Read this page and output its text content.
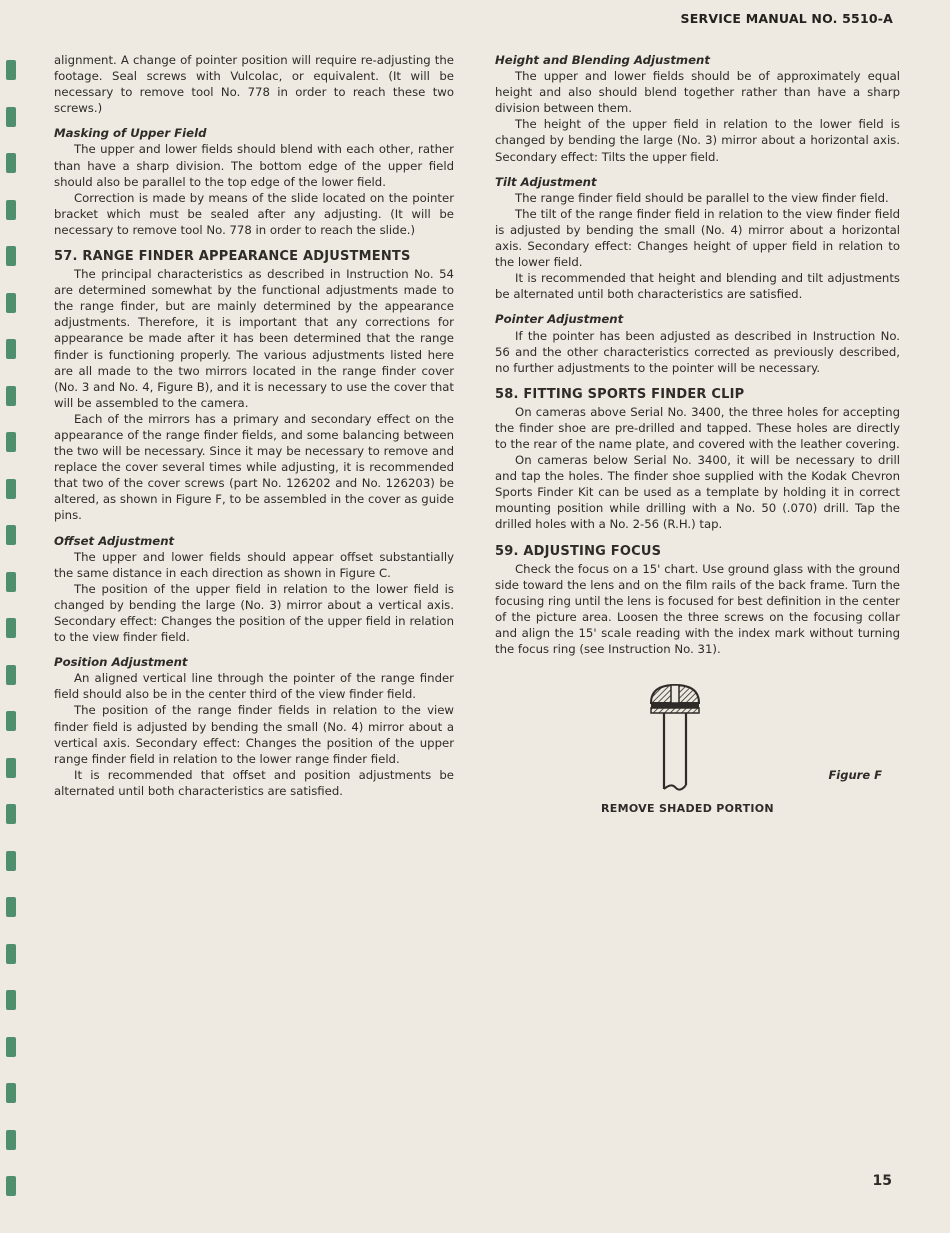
SERVICE MANUAL NO. 5510-A

alignment. A change of pointer position will require re-adjusting the footage. Seal screws with Vulcolac, or equivalent. (It will be necessary to remove tool No. 778 in order to reach these two screws.)

Masking of Upper Field

The upper and lower fields should blend with each other, rather than have a sharp division. The bottom edge of the upper field should also be parallel to the top edge of the lower field.

Correction is made by means of the slide located on the pointer bracket which must be sealed after any adjusting. (It will be necessary to remove tool No. 778 in order to reach the slide.)

57. RANGE FINDER APPEARANCE ADJUSTMENTS

The principal characteristics as described in Instruction No. 54 are determined somewhat by the functional adjustments made to the range finder, but are mainly determined by the appearance adjustments. Therefore, it is important that any corrections for appearance be made after it has been determined that the range finder is functioning properly. The various adjustments listed here are all made to the two mirrors located in the range finder cover (No. 3 and No. 4, Figure B), and it is necessary to use the cover that will be assembled to the camera.

Each of the mirrors has a primary and secondary effect on the appearance of the range finder fields, and some balancing between the two will be necessary. Since it may be necessary to remove and replace the cover several times while adjusting, it is recommended that two of the cover screws (part No. 126202 and No. 126203) be altered, as shown in Figure F, to be assembled in the cover as guide pins.

Offset Adjustment

The upper and lower fields should appear offset substantially the same distance in each direction as shown in Figure C.

The position of the upper field in relation to the lower field is changed by bending the large (No. 3) mirror about a vertical axis. Secondary effect: Changes the position of the upper field in relation to the view finder field.

Position Adjustment

An aligned vertical line through the pointer of the range finder field should also be in the center third of the view finder field.

The position of the range finder fields in relation to the view finder field is adjusted by bending the small (No. 4) mirror about a vertical axis. Secondary effect: Changes the position of the upper range finder field in relation to the lower range finder field.

It is recommended that offset and position adjustments be alternated until both characteristics are satisfied.

Height and Blending Adjustment

The upper and lower fields should be of approximately equal height and also should blend together rather than have a sharp division between them.

The height of the upper field in relation to the lower field is changed by bending the large (No. 3) mirror about a horizontal axis. Secondary effect: Tilts the upper field.

Tilt Adjustment

The range finder field should be parallel to the view finder field.

The tilt of the range finder field in relation to the view finder field is adjusted by bending the small (No. 4) mirror about a horizontal axis. Secondary effect: Changes height of upper field in relation to the lower field.

It is recommended that height and blending and tilt adjustments be alternated until both characteristics are satisfied.

Pointer Adjustment

If the pointer has been adjusted as described in Instruction No. 56 and the other characteristics corrected as previously described, no further adjustments to the pointer will be necessary.

58. FITTING SPORTS FINDER CLIP

On cameras above Serial No. 3400, the three holes for accepting the finder shoe are pre-drilled and tapped. These holes are directly to the rear of the name plate, and covered with the leather covering.

On cameras below Serial No. 3400, it will be necessary to drill and tap the holes. The finder shoe supplied with the Kodak Chevron Sports Finder Kit can be used as a template by holding it in correct mounting position while drilling with a No. 50 (.070) drill. Tap the drilled holes with a No. 2-56 (R.H.) tap.

59. ADJUSTING FOCUS

Check the focus on a 15' chart. Use ground glass with the ground side toward the lens and on the film rails of the back frame. Turn the focusing ring until the lens is focused for best definition in the center of the picture area. Loosen the three screws on the focusing collar and align the 15' scale reading with the index mark without turning the focus ring (see Instruction No. 31).

Figure F
REMOVE SHADED PORTION
15
